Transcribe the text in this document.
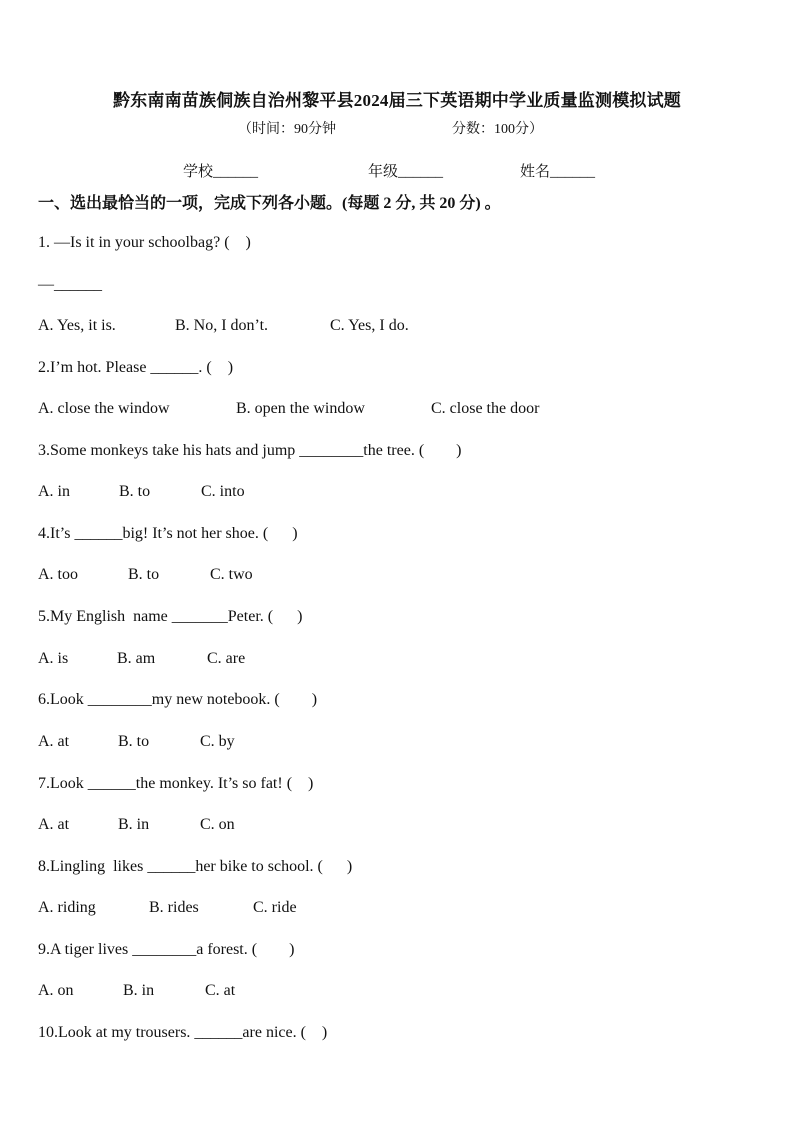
黔东南南苗族侗族自治州黎平县2024届三下英语期中学业质量监测模拟试题
（时间：90分钟	分数：100分）
学校______	年级______	姓名______
一、选出最恰当的一项，完成下列各小题。(每题 2 分, 共 20 分) 。
1. —Is it in your schoolbag? (    )
—______
A. Yes, it is.	B. No, I don’t.	C. Yes, I do.
2.I’m hot. Please ______. (    )
A. close the window	B. open the window	C. close the door
3.Some monkeys take his hats and jump ________the tree. (        )
A. in	B. to	C. into
4.It’s ______big! It’s not her shoe. (      )
A. too	B. to	C. two
5.My English  name _______Peter. (      )
A. is	B. am	C. are
6.Look ________my new notebook. (        )
A. at	B. to	C. by
7.Look ______the monkey. It’s so fat! (    )
A. at	B. in	C. on
8.Lingling  likes ______her bike to school. (      )
A. riding	B. rides	C. ride
9.A tiger lives ________a forest. (        )
A. on	B. in	C. at
10.Look at my trousers. ______are nice. (    )
